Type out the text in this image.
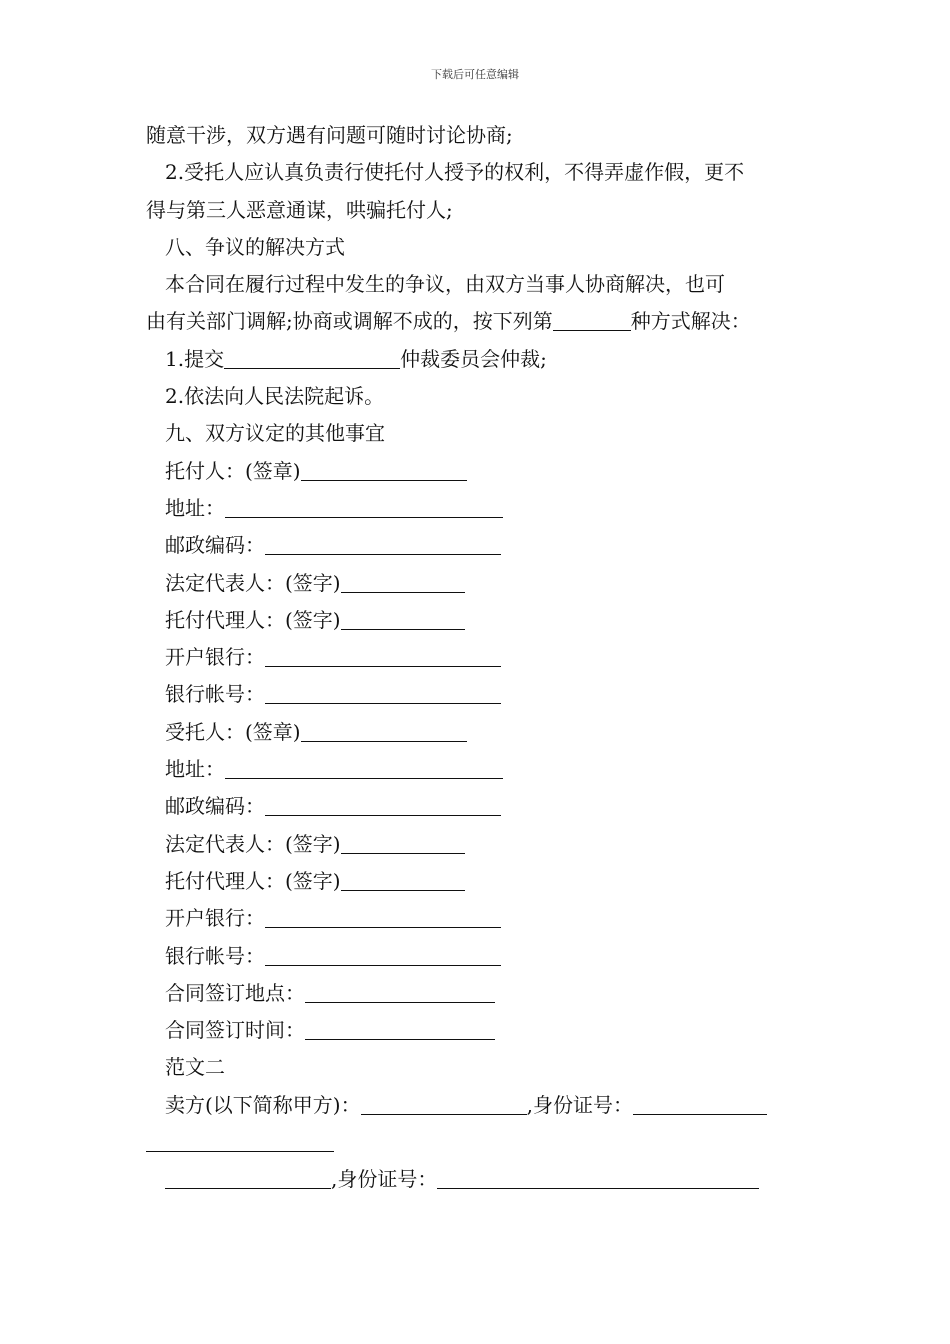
下载后可任意编辑
随意干涉，双方遇有问题可随时讨论协商;
2.受托人应认真负责行使托付人授予的权利，不得弄虚作假，更不
得与第三人恶意通谋，哄骗托付人;
八、争议的解决方式
本合同在履行过程中发生的争议，由双方当事人协商解决，也可
由有关部门调解;协商或调解不成的，按下列第	种方式解决：
1.提交	仲裁委员会仲裁;
2.依法向人民法院起诉。
九、双方议定的其他事宜
托付人：(签章)
地址：
邮政编码：
法定代表人：(签字)
托付代理人：(签字)
开户银行：
银行帐号：
受托人：(签章)
地址：
邮政编码：
法定代表人：(签字)
托付代理人：(签字)
开户银行：
银行帐号：
合同签订地点：
合同签订时间：
范文二
卖方(以下简称甲方)：	,身份证号：
,身份证号：
